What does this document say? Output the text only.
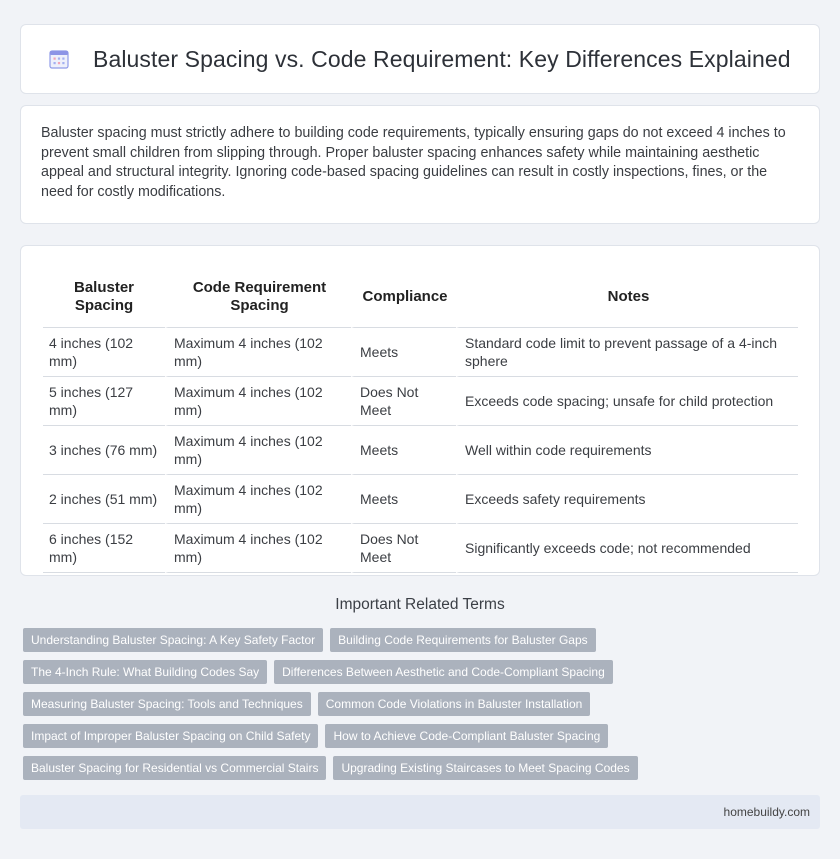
Baluster Spacing vs. Code Requirement: Key Differences Explained

Baluster spacing must strictly adhere to building code requirements, typically ensuring gaps do not exceed 4 inches to prevent small children from slipping through. Proper baluster spacing enhances safety while maintaining aesthetic appeal and structural integrity. Ignoring code-based spacing guidelines can result in costly inspections, fines, or the need for costly modifications.

Baluster Spacing	Code Requirement Spacing	Compliance	Notes
4 inches (102 mm)	Maximum 4 inches (102 mm)	Meets	Standard code limit to prevent passage of a 4-inch sphere
5 inches (127 mm)	Maximum 4 inches (102 mm)	Does Not Meet	Exceeds code spacing; unsafe for child protection
3 inches (76 mm)	Maximum 4 inches (102 mm)	Meets	Well within code requirements
2 inches (51 mm)	Maximum 4 inches (102 mm)	Meets	Exceeds safety requirements
6 inches (152 mm)	Maximum 4 inches (102 mm)	Does Not Meet	Significantly exceeds code; not recommended
Important Related Terms
Understanding Baluster Spacing: A Key Safety Factor	Building Code Requirements for Baluster Gaps
The 4-Inch Rule: What Building Codes Say	Differences Between Aesthetic and Code-Compliant Spacing
Measuring Baluster Spacing: Tools and Techniques	Common Code Violations in Baluster Installation
Impact of Improper Baluster Spacing on Child Safety	How to Achieve Code-Compliant Baluster Spacing
Baluster Spacing for Residential vs Commercial Stairs	Upgrading Existing Staircases to Meet Spacing Codes
homebuildy.com
